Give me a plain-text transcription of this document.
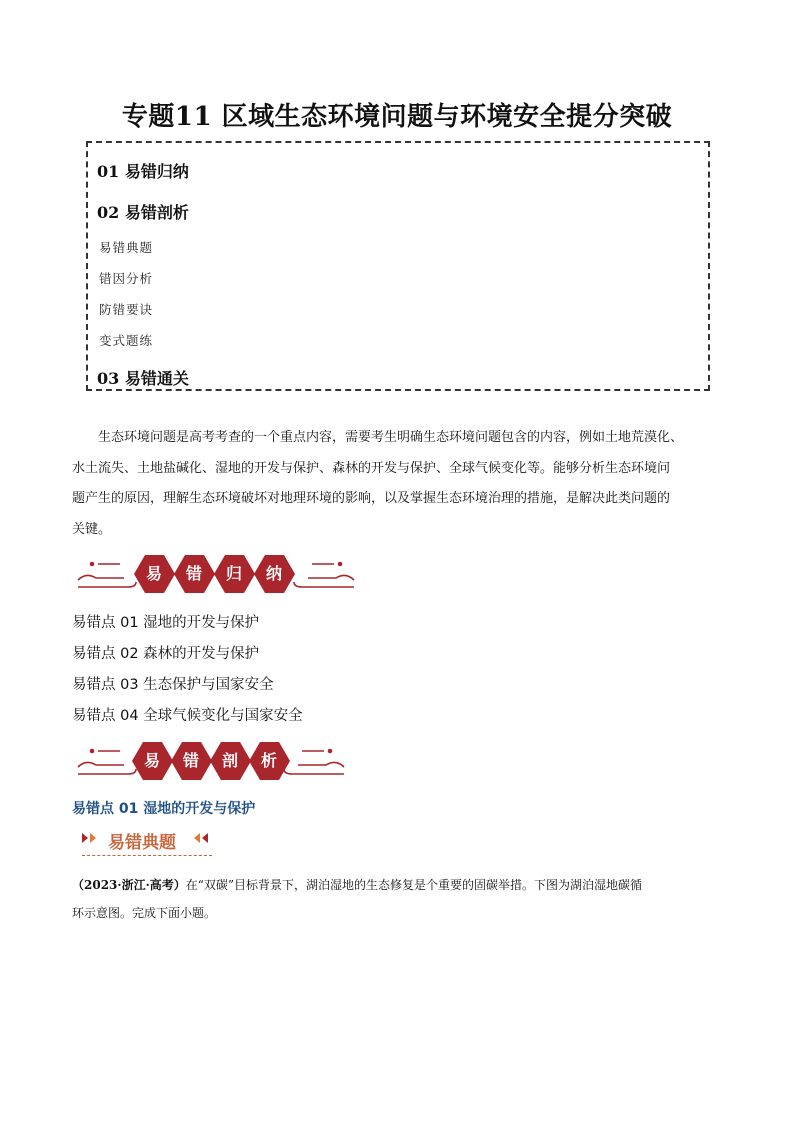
专题11 区域生态环境问题与环境安全提分突破
01 易错归纳
02 易错剖析
易错典题
错因分析
防错要诀
变式题练
03 易错通关

生态环境问题是高考考查的一个重点内容，需要考生明确生态环境问题包含的内容，例如土地荒漠化、

水土流失、土地盐碱化、湿地的开发与保护、森林的开发与保护、全球气候变化等。能够分析生态环境问

题产生的原因，理解生态环境破坏对地理环境的影响，以及掌握生态环境治理的措施，是解决此类问题的

关键。

易	错	归	纳
易错点 01 湿地的开发与保护
易错点 02 森林的开发与保护
易错点 03 生态保护与国家安全
易错点 04 全球气候变化与国家安全
易	错	剖	析
易错点 01 湿地的开发与保护
易错典题
（2023·浙江·高考）在“双碳”目标背景下，湖泊湿地的生态修复是个重要的固碳举措。下图为湖泊湿地碳循
环示意图。完成下面小题。
